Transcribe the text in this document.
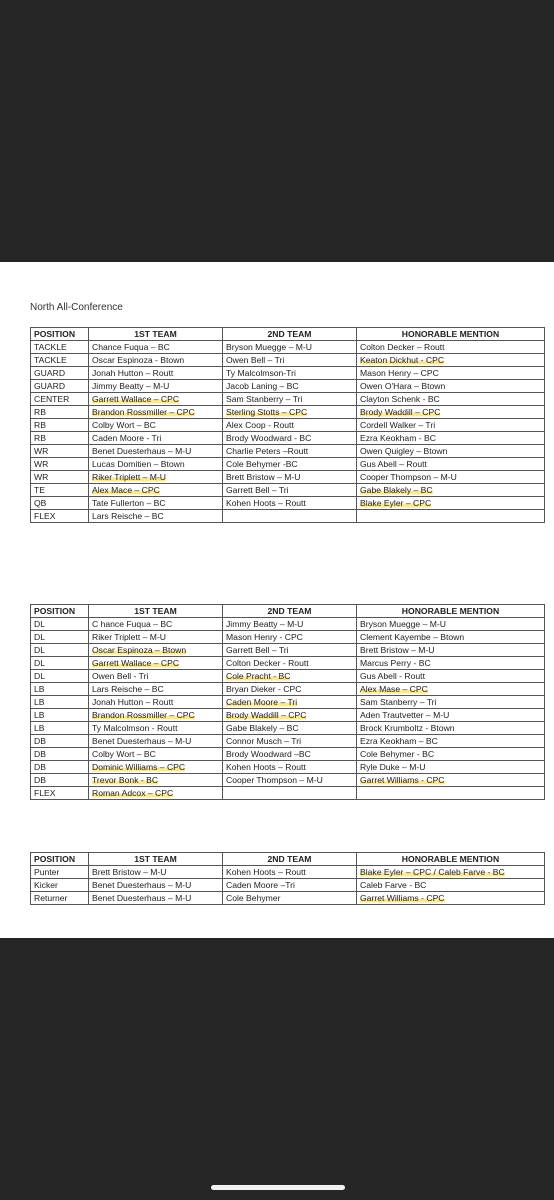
North All-Conference
POSITION	1ST TEAM	2ND TEAM	HONORABLE MENTION
TACKLE	Chance Fuqua – BC	Bryson Muegge – M-U	Colton Decker – Routt
TACKLE	Oscar Espinoza - Btown	Owen Bell – Tri	Keaton Dickhut - CPC
GUARD	Jonah Hutton – Routt	Ty Malcolmson-Tri	Mason Henry – CPC
GUARD	Jimmy Beatty – M-U	Jacob Laning – BC	Owen O'Hara – Btown
CENTER	Garrett Wallace – CPC	Sam Stanberry – Tri	Clayton Schenk - BC
RB	Brandon Rossmiller – CPC	Sterling Stotts – CPC	Brody Waddill – CPC
RB	Colby Wort – BC	Alex Coop - Routt	Cordell Walker – Tri
RB	Caden Moore - Tri	Brody Woodward - BC	Ezra Keokham - BC
WR	Benet Duesterhaus – M-U	Charlie Peters –Routt	Owen Quigley – Btown
WR	Lucas Domitien – Btown	Cole Behymer -BC	Gus Abell – Routt
WR	Riker Triplett – M-U	Brett Bristow – M-U	Cooper Thompson – M-U
TE	Alex Mace – CPC	Garrett Bell – Tri	Gabe Blakely – BC
QB	Tate Fullerton – BC	Kohen Hoots – Routt	Blake Eyler – CPC
FLEX	Lars Reische – BC		
POSITION	1ST TEAM	2ND TEAM	HONORABLE MENTION
DL	C hance Fuqua – BC	Jimmy Beatty – M-U	Bryson Muegge – M-U
DL	Riker Triplett – M-U	Mason Henry - CPC	Clement Kayembe – Btown
DL	Oscar Espinoza – Btown	Garrett Bell – Tri	Brett Bristow – M-U
DL	Garrett Wallace – CPC	Colton Decker - Routt	Marcus Perry - BC
DL	Owen Bell - Tri	Cole Pracht - BC	Gus Abell - Routt
LB	Lars Reische – BC	Bryan Dieker - CPC	Alex Mase – CPC
LB	Jonah Hutton – Routt	Caden Moore – Tri	Sam Stanberry – Tri
LB	Brandon Rossmiller – CPC	Brody Waddill – CPC	Aden Trautvetter – M-U
LB	Ty Malcolmson - Routt	Gabe Blakely – BC	Brock Krumboltz - Btown
DB	Benet Duesterhaus – M-U	Connor Musch – Tri	Ezra Keokham – BC
DB	Colby Wort – BC	Brody Woodward –BC	Cole Behymer - BC
DB	Dominic Williams – CPC	Kohen Hoots – Routt	Ryle Duke – M-U
DB	Trevor Bonk - BC	Cooper Thompson – M-U	Garret Williams - CPC
FLEX	Roman Adcox – CPC		
POSITION	1ST TEAM	2ND TEAM	HONORABLE MENTION
Punter	Brett Bristow – M-U	Kohen Hoots – Routt	Blake Eyler – CPC / Caleb Farve - BC
Kicker	Benet Duesterhaus – M-U	Caden Moore –Tri	Caleb Farve - BC
Returner	Benet Duesterhaus – M-U	Cole Behymer	Garret Williams - CPC
